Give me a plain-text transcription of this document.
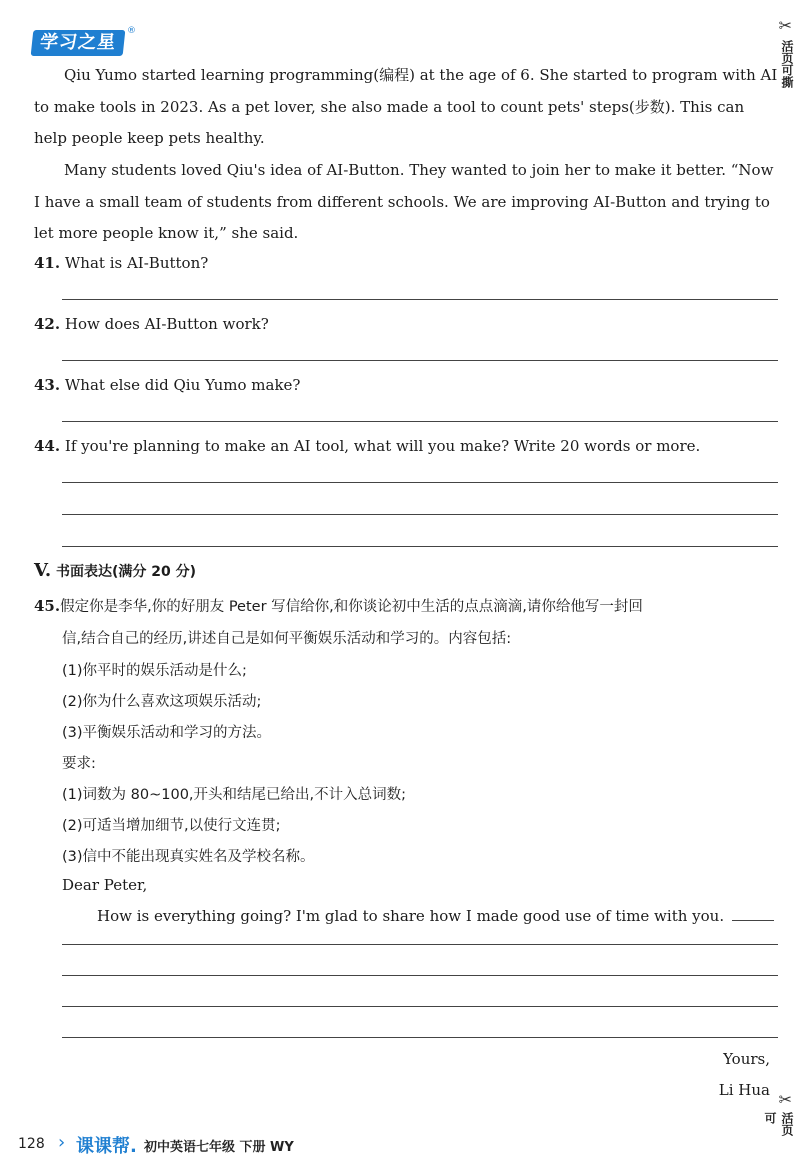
学习之星
®	✂
活页可撕
✂
活页可

Qiu Yumo started learning programming(编程) at the age of 6. She started to program with AI to make tools in 2023. As a pet lover, she also made a tool to count pets' steps(步数). This can help people keep pets healthy.

Many students loved Qiu's idea of AI-Button. They wanted to join her to make it better. “Now I have a small team of students from different schools. We are improving AI-Button and trying to let more people know it,” she said.

41. What is AI-Button?

42. How does AI-Button work?

43. What else did Qiu Yumo make?

44. If you're planning to make an AI tool, what will you make? Write 20 words or more.

V. 书面表达(满分 20 分)

45.假定你是李华,你的好朋友 Peter 写信给你,和你谈论初中生活的点点滴滴,请你给他写一封回

信,结合自己的经历,讲述自己是如何平衡娱乐活动和学习的。内容包括:

(1)你平时的娱乐活动是什么;

(2)你为什么喜欢这项娱乐活动;

(3)平衡娱乐活动和学习的方法。

要求:

(1)词数为 80~100,开头和结尾已给出,不计入总词数;

(2)可适当增加细节,以使行文连贯;

(3)信中不能出现真实姓名及学校名称。

Dear Peter,

How is everything going? I'm glad to share how I made good use of time with you.

Yours,

Li Hua

128 › 课课帮. 初中英语七年级 下册 WY
